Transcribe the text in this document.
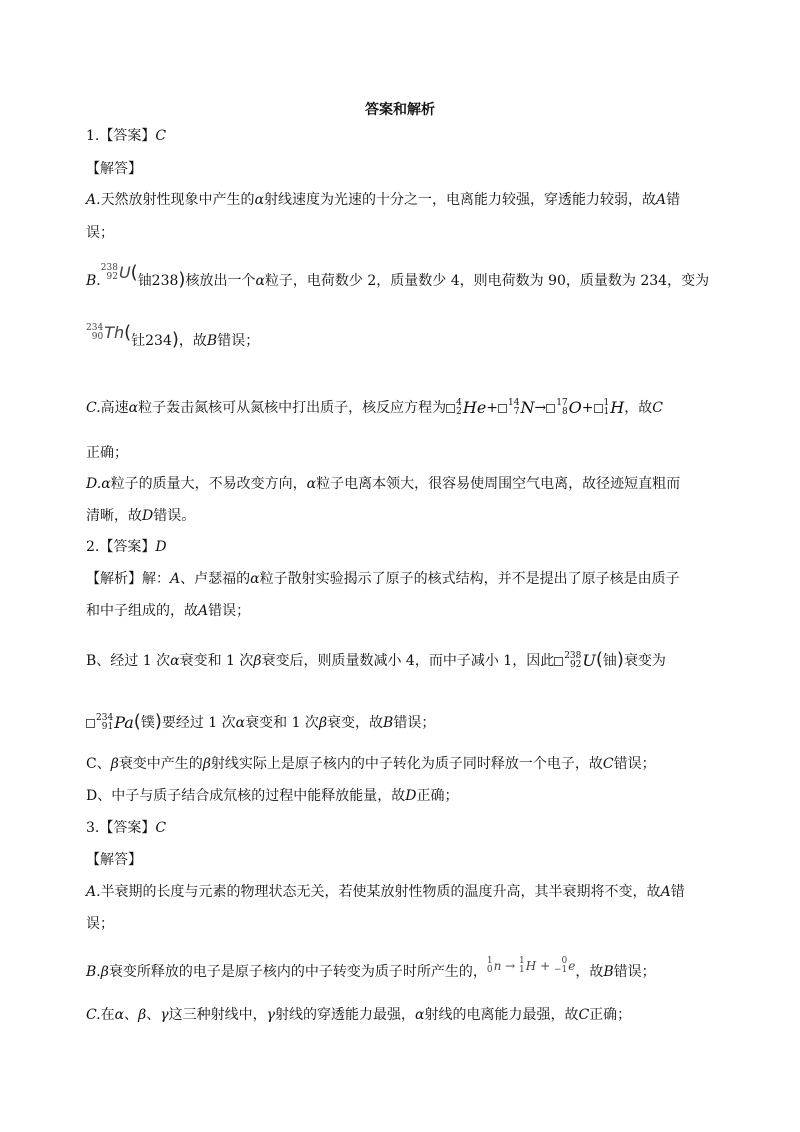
答案和解析
1.【答案】C
【解答】
A.天然放射性现象中产生的α射线速度为光速的十分之一，电离能力较强，穿透能力较弱，故A错
误；
B.
238
92 U ( 铀238)核放出一个α粒子，电荷数少 2，质量数少 4，则电荷数为 90，质量数为 234，变为
234
90 Th ( 钍234)，故B错误；
C.高速α粒子轰击氮核可从氮核中打出质子，核反应方程为 4
2 He + 14
7 N → 17
8 O + 1
1 H ，故C
正确；
D.α粒子的质量大，不易改变方向，α粒子电离本领大，很容易使周围空气电离，故径迹短直粗而
清晰，故D错误。
2.【答案】D
【解析】解：A、卢瑟福的α粒子散射实验揭示了原子的核式结构，并不是提出了原子核是由质子
和中子组成的，故A错误；
B、经过 1 次α衰变和 1 次β衰变后，则质量数减小 4，而中子减小 1，因此 238
92 U (铀)衰变为
234
91 Pa (镤)要经过 1 次α衰变和 1 次β衰变，故B错误；
C、β衰变中产生的β射线实际上是原子核内的中子转化为质子同时释放一个电子，故C错误；
D、中子与质子结合成氘核的过程中能释放能量，故D正确；
3.【答案】C
【解答】
A.半衰期的长度与元素的物理状态无关，若使某放射性物质的温度升高，其半衰期将不变，故A错
误；
B.β衰变所释放的电子是原子核内的中子转变为质子时所产生的，
1
0 n
→
1
1 H
+
0
−1 e ，故B错误；
C.在α、β、γ这三种射线中，γ射线的穿透能力最强，α射线的电离能力最强，故C正确；
